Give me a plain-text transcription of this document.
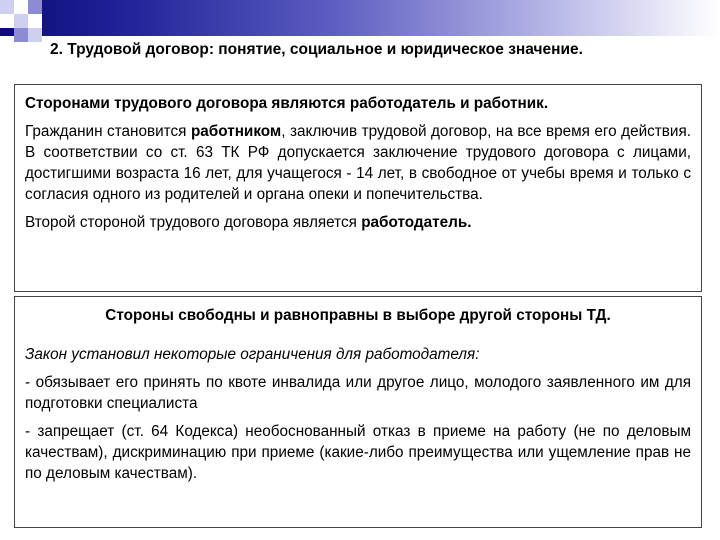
2. Трудовой договор: понятие, социальное и юридическое значение.

Сторонами трудового договора являются работодатель и работник.

Гражданин становится работником, заключив трудовой договор, на все время его действия. В соответствии со ст. 63 ТК РФ допускается заключение трудового договора с лицами, достигшими возраста 16 лет, для учащегося - 14 лет, в свободное от учебы время и только с согласия одного из родителей и органа опеки и попечительства.

Второй стороной трудового договора является работодатель.

Стороны свободны и равноправны в выборе другой стороны ТД.

Закон установил некоторые ограничения для работодателя:

- обязывает его принять по квоте инвалида или другое лицо, молодого заявленного им для подготовки специалиста

- запрещает (ст. 64 Кодекса) необоснованный отказ в приеме на работу (не по деловым качествам), дискриминацию при приеме (какие-либо преимущества или ущемление прав не по деловым качествам).
